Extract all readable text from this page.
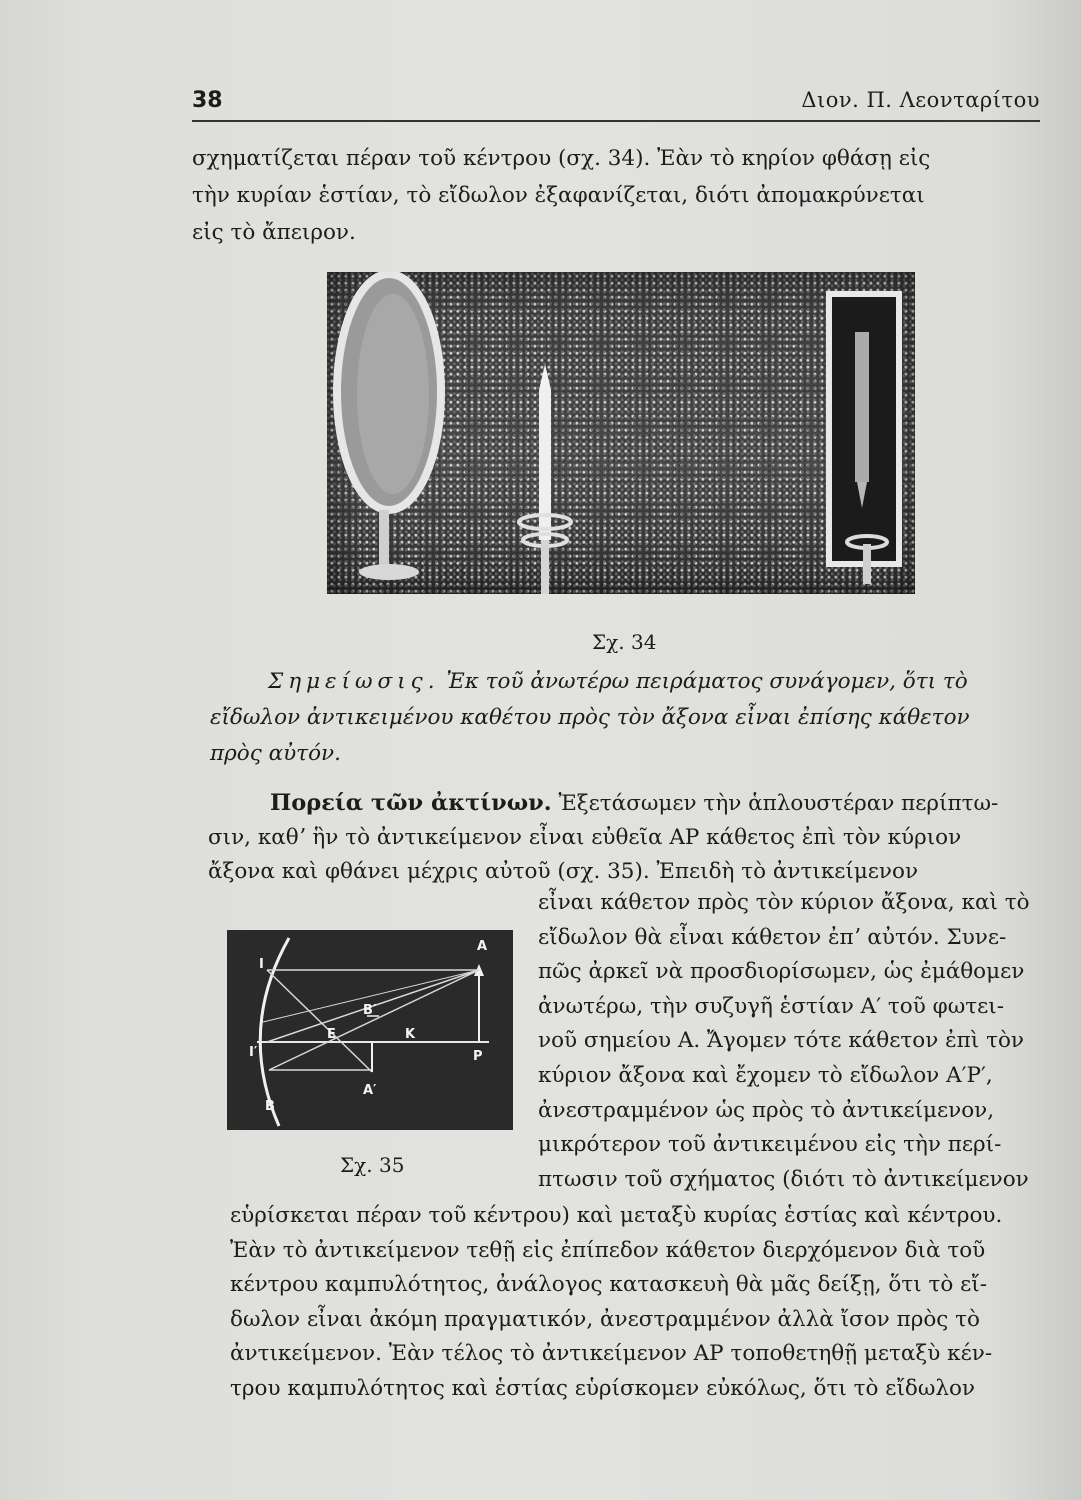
38	Διον. Π. Λεονταρίτου
σχηματίζεται πέραν τοῦ κέντρου (σχ. 34). Ἐὰν τὸ κηρίον φθάσῃ εἰς
τὴν κυρίαν ἑστίαν, τὸ εἴδωλον ἐξαφανίζεται, διότι ἀπομακρύνεται
εἰς τὸ ἄπειρον.
Σχ. 34
Σημείωσις. Ἐκ τοῦ ἀνωτέρω πειράματος συνάγομεν, ὅτι τὸ
εἴδωλον ἀντικειμένου καθέτου πρὸς τὸν ἄξονα εἶναι ἐπίσης κάθετον
πρὸς αὐτόν.
Πορεία τῶν ἀκτίνων. Ἐξετάσωμεν τὴν ἁπλουστέραν περίπτω-
σιν, καθʼ ἣν τὸ ἀντικείμενον εἶναι εὐθεῖα ΑΡ κάθετος ἐπὶ τὸν κύριον
ἄξονα καὶ φθάνει μέχρις αὐτοῦ (σχ. 35). Ἐπειδὴ τὸ ἀντικείμενον
A
I
I′
B
B′
E	K
A′
P
Σχ. 35
εἶναι κάθετον πρὸς τὸν κύριον ἄξονα, καὶ τὸ
εἴδωλον θὰ εἶναι κάθετον ἐπʼ αὐτόν. Συνε-
πῶς ἀρκεῖ νὰ προσδιορίσωμεν, ὡς ἐμάθομεν
ἀνωτέρω, τὴν συζυγῆ ἑστίαν Α′ τοῦ φωτει-
νοῦ σημείου Α. Ἄγομεν τότε κάθετον ἐπὶ τὸν
κύριον ἄξονα καὶ ἔχομεν τὸ εἴδωλον Α′Ρ′,
ἀνεστραμμένον ὡς πρὸς τὸ ἀντικείμενον,
μικρότερον τοῦ ἀντικειμένου εἰς τὴν περί-
πτωσιν τοῦ σχήματος (διότι τὸ ἀντικείμενον
εὑρίσκεται πέραν τοῦ κέντρου) καὶ μεταξὺ κυρίας ἑστίας καὶ κέντρου.
Ἐὰν τὸ ἀντικείμενον τεθῇ εἰς ἐπίπεδον κάθετον διερχόμενον διὰ τοῦ
κέντρου καμπυλότητος, ἀνάλογος κατασκευὴ θὰ μᾶς δείξῃ, ὅτι τὸ εἴ-
δωλον εἶναι ἀκόμη πραγματικόν, ἀνεστραμμένον ἀλλὰ ἴσον πρὸς τὸ
ἀντικείμενον. Ἐὰν τέλος τὸ ἀντικείμενον ΑΡ τοποθετηθῇ μεταξὺ κέν-
τρου καμπυλότητος καὶ ἑστίας εὑρίσκομεν εὐκόλως, ὅτι τὸ εἴδωλον
